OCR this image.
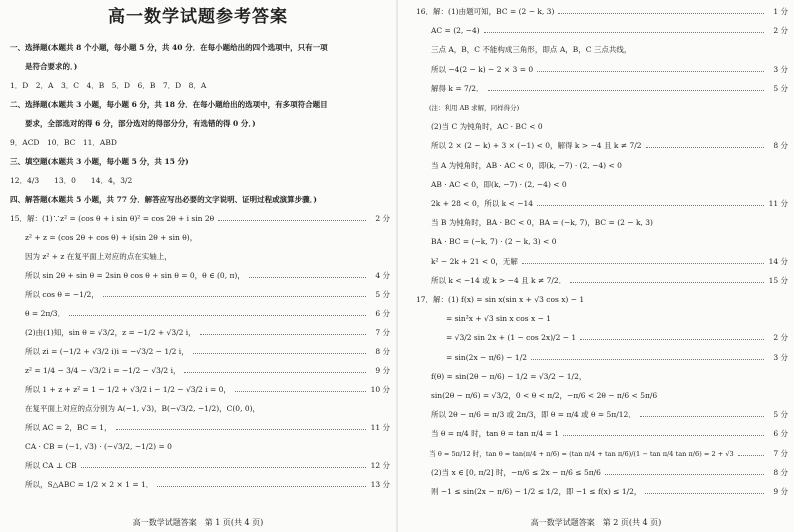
高一数学试题参考答案
一、选择题(本题共 8 个小题，每小题 5 分，共 40 分．在每小题给出的四个选项中，只有一项
　　是符合要求的．)
1．D　2．A　3．C　4．B　5．D　6．B　7．D　8．A
二、选择题(本题共 3 小题，每小题 6 分，共 18 分．在每小题给出的选项中，有多项符合题目
　　要求，全部选对的得 6 分，部分选对的得部分分，有选错的得 0 分．)
9．ACD　10．BC　11．ABD
三、填空题(本题共 3 小题，每小题 5 分，共 15 分)
12．4/3　　13．0　　14．4，3/2
四、解答题(本题共 5 小题，共 77 分．解答应写出必要的文字说明、证明过程或演算步骤．)
15．解：(1)∵z² = (cos θ + i sin θ)² = cos 2θ + i sin 2θ	2 分
　　z² + z = (cos 2θ + cos θ) + i(sin 2θ + sin θ)，
　　因为 z² + z 在复平面上对应的点在实轴上，
　　所以 sin 2θ + sin θ = 2sin θ cos θ + sin θ = 0，θ ∈ (0, π)，	4 分
　　所以 cos θ = −1/2，	5 分
　　θ = 2π/3．	6 分
　　(2)由(1)知，sin θ = √3/2，z = −1/2 + √3/2 i，	7 分
　　所以 zi = (−1/2 + √3/2 i)i = −√3/2 − 1/2 i，	8 分
　　z² = 1/4 − 3/4 − √3/2 i = −1/2 − √3/2 i，	9 分
　　所以 1 + z + z² = 1 − 1/2 + √3/2 i − 1/2 − √3/2 i = 0，	10 分
　　在复平面上对应的点分别为 A(−1, √3)，B(−√3/2, −1/2)，C(0, 0)，
　　所以 AC = 2，BC = 1，	11 分
　　CA · CB = (−1, √3) · (−√3/2, −1/2) = 0
　　所以 CA ⊥ CB	12 分
　　所以，S△ABC = 1/2 × 2 × 1 = 1．	13 分
高一数学试题答案　第 1 页(共 4 页)
16．解：(1)由题可知，BC = (2 − k, 3)	1 分
　　AC = (2, −4)	2 分
　　三点 A，B，C 不能构成三角形，即点 A，B，C 三点共线，
　　所以 −4(2 − k) − 2 × 3 = 0	3 分
　　解得 k = 7/2．	5 分
　　(注：利用 AB 求解，同样得分)
　　(2)当 C 为钝角时，AC · BC < 0
　　所以 2 × (2 − k) + 3 × (−1) < 0，解得 k > −4 且 k ≠ 7/2	8 分
　　当 A 为钝角时，AB · AC < 0，即(k, −7) · (2, −4) < 0
　　AB · AC < 0，即(k, −7) · (2, −4) < 0
　　2k + 28 < 0，所以 k < −14	11 分
　　当 B 为钝角时，BA · BC < 0，BA = (−k, 7)，BC = (2 − k, 3)
　　BA · BC = (−k, 7) · (2 − k, 3) < 0
　　k² − 2k + 21 < 0，无解	14 分
　　所以 k < −14 或 k > −4 且 k ≠ 7/2．	15 分
17．解：(1) f(x) = sin x(sin x + √3 cos x) − 1
　　　　= sin²x + √3 sin x cos x − 1
　　　　= √3/2 sin 2x + (1 − cos 2x)/2 − 1	2 分
　　　　= sin(2x − π/6) − 1/2	3 分
　　f(θ) = sin(2θ − π/6) − 1/2 = √3/2 − 1/2，
　　sin(2θ − π/6) = √3/2，0 < θ < π/2，−π/6 < 2θ − π/6 < 5π/6
　　所以 2θ − π/6 = π/3 或 2π/3，即 θ = π/4 或 θ = 5π/12．	5 分
　　当 θ = π/4 时，tan θ = tan π/4 = 1	6 分
　　当 θ = 5π/12 时，tan θ = tan(π/4 + π/6) = (tan π/4 + tan π/6)/(1 − tan π/4 tan π/6) = 2 + √3	7 分
　　(2)当 x ∈ [0, π/2] 时，−π/6 ≤ 2x − π/6 ≤ 5π/6	8 分
　　则 −1 ≤ sin(2x − π/6) − 1/2 ≤ 1/2，即 −1 ≤ f(x) ≤ 1/2，	9 分
高一数学试题答案　第 2 页(共 4 页)
